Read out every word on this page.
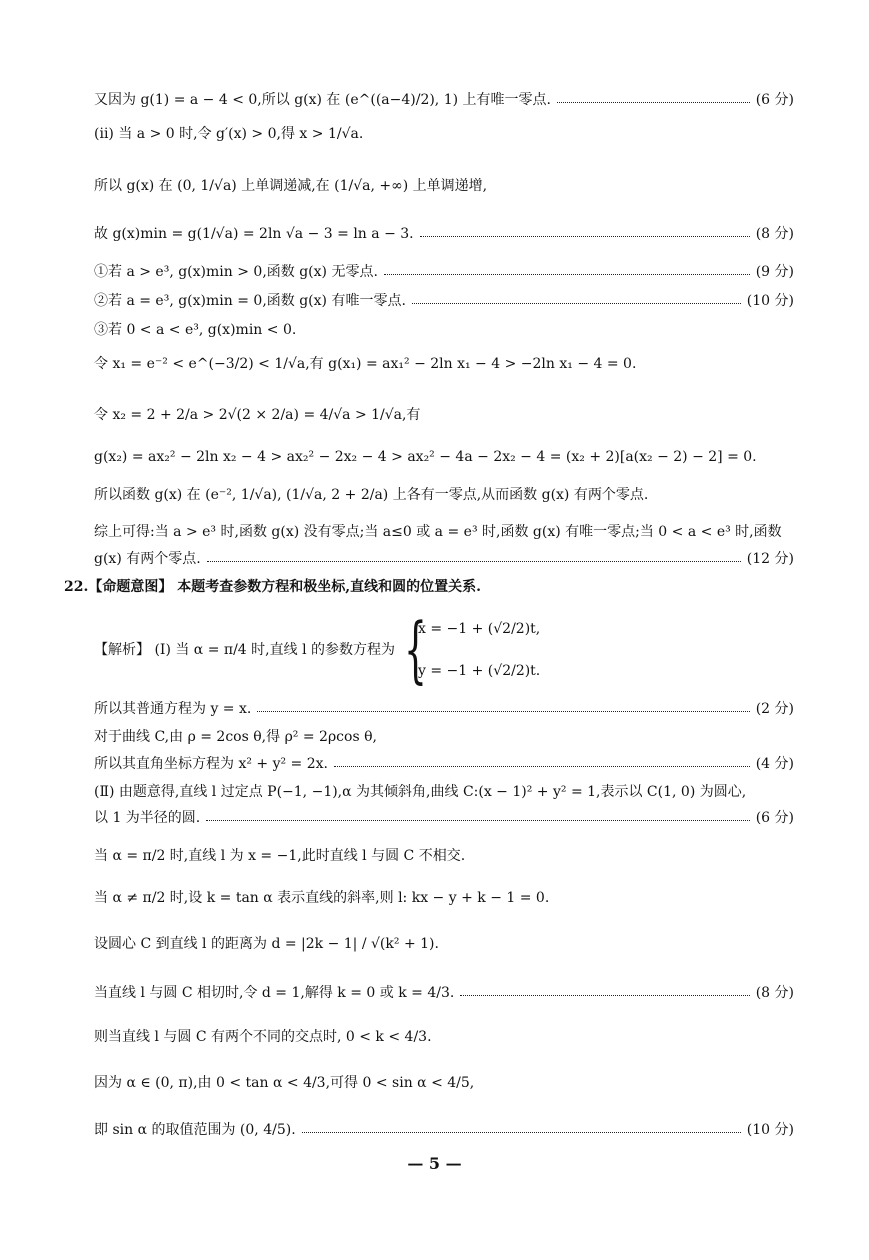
又因为 g(1) = a − 4 < 0,所以 g(x) 在 (e^((a−4)/2), 1) 上有唯一零点.	(6 分)
(ⅱ) 当 a > 0 时,令 g′(x) > 0,得 x > 1/√a.
所以 g(x) 在 (0, 1/√a) 上单调递减,在 (1/√a, +∞) 上单调递增,
故 g(x)min = g(1/√a) = 2ln √a − 3 = ln a − 3.	(8 分)
①若 a > e³, g(x)min > 0,函数 g(x) 无零点.	(9 分)
②若 a = e³, g(x)min = 0,函数 g(x) 有唯一零点.	(10 分)
③若 0 < a < e³, g(x)min < 0.
令 x₁ = e⁻² < e^(−3/2) < 1/√a,有 g(x₁) = ax₁² − 2ln x₁ − 4 > −2ln x₁ − 4 = 0.
令 x₂ = 2 + 2/a > 2√(2 × 2/a) = 4/√a > 1/√a,有
g(x₂) = ax₂² − 2ln x₂ − 4 > ax₂² − 2x₂ − 4 > ax₂² − 4a − 2x₂ − 4 = (x₂ + 2)[a(x₂ − 2) − 2] = 0.
所以函数 g(x) 在 (e⁻², 1/√a), (1/√a, 2 + 2/a) 上各有一零点,从而函数 g(x) 有两个零点.
综上可得:当 a > e³ 时,函数 g(x) 没有零点;当 a≤0 或 a = e³ 时,函数 g(x) 有唯一零点;当 0 < a < e³ 时,函数
g(x) 有两个零点.	(12 分)
22.【命题意图】 本题考查参数方程和极坐标,直线和圆的位置关系.
【解析】 (Ⅰ) 当 α = π/4 时,直线 l 的参数方程为 {
x = −1 + (√2/2)t,
y = −1 + (√2/2)t.
所以其普通方程为 y = x.	(2 分)
对于曲线 C,由 ρ = 2cos θ,得 ρ² = 2ρcos θ,
所以其直角坐标方程为 x² + y² = 2x.	(4 分)
(Ⅱ) 由题意得,直线 l 过定点 P(−1, −1),α 为其倾斜角,曲线 C:(x − 1)² + y² = 1,表示以 C(1, 0) 为圆心,
以 1 为半径的圆.	(6 分)
当 α = π/2 时,直线 l 为 x = −1,此时直线 l 与圆 C 不相交.
当 α ≠ π/2 时,设 k = tan α 表示直线的斜率,则 l: kx − y + k − 1 = 0.
设圆心 C 到直线 l 的距离为 d = |2k − 1| / √(k² + 1).
当直线 l 与圆 C 相切时,令 d = 1,解得 k = 0 或 k = 4/3.	(8 分)
则当直线 l 与圆 C 有两个不同的交点时, 0 < k < 4/3.
因为 α ∈ (0, π),由 0 < tan α < 4/3,可得 0 < sin α < 4/5,
即 sin α 的取值范围为 (0, 4/5).	(10 分)
— 5 —
